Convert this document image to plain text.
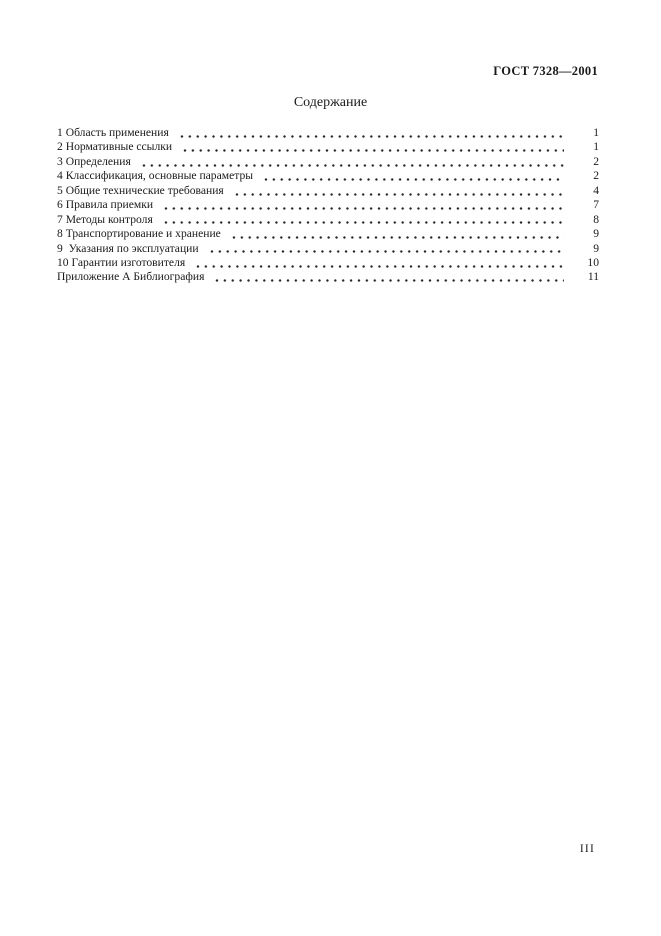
ГОСТ 7328—2001
Содержание
1 Область применения	1
2 Нормативные ссылки	1
3 Определения	2
4 Классификация, основные параметры	2
5 Общие технические требования	4
6 Правила приемки	7
7 Методы контроля	8
8 Транспортирование и хранение	9
9  Указания по эксплуатации	9
10 Гарантии изготовителя	10
Приложение А Библиография	11
III
